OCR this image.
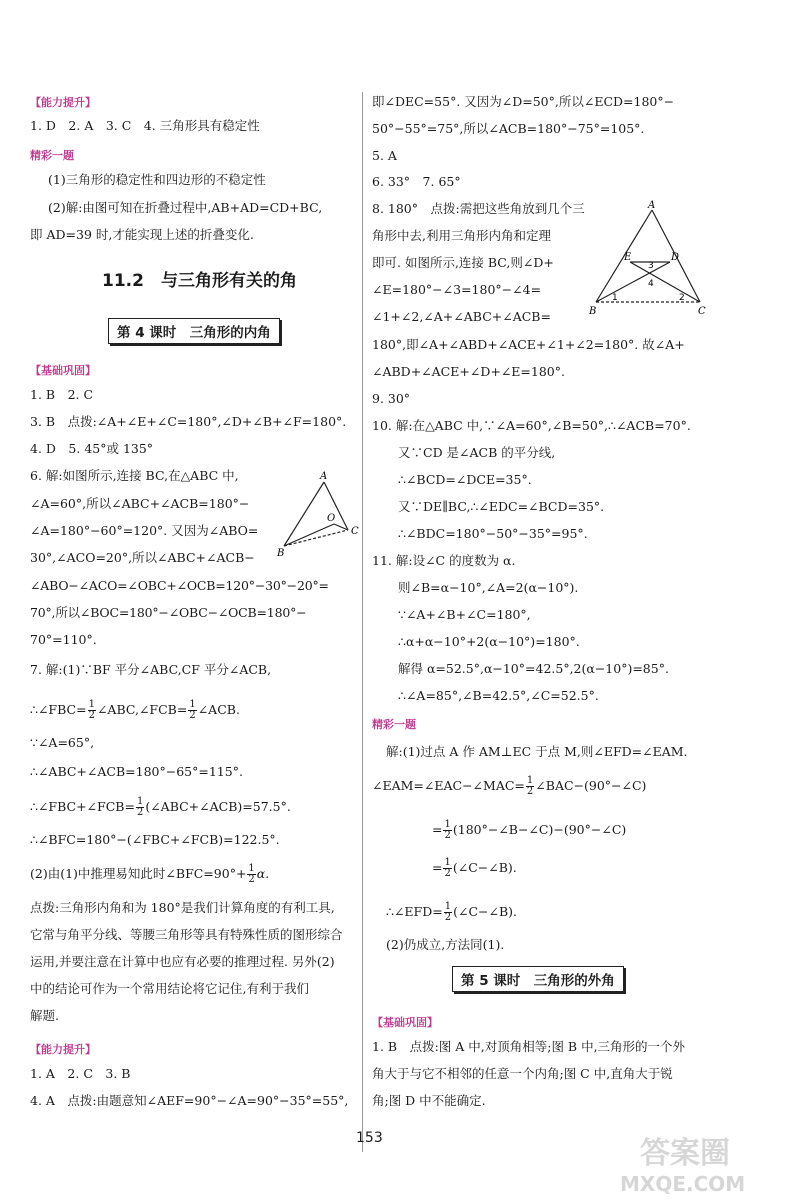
【能力提升】
1. D　2. A　3. C　4. 三角形具有稳定性
精彩一题
(1)三角形的稳定性和四边形的不稳定性
(2)解:由图可知在折叠过程中,AB+AD=CD+BC,
即 AD=39 时,才能实现上述的折叠变化.
11.2　与三角形有关的角
第 4 课时　三角形的内角
【基础巩固】
1. B　2. C
3. B　点拨:∠A+∠E+∠C=180°,∠D+∠B+∠F=180°.
4. D　5. 45°或 135°
6. 解:如图所示,连接 BC,在△ABC 中,
∠A=60°,所以∠ABC+∠ACB=180°−
∠A=180°−60°=120°. 又因为∠ABO=
30°,∠ACO=20°,所以∠ABC+∠ACB−
∠ABO−∠ACO=∠OBC+∠OCB=120°−30°−20°=
70°,所以∠BOC=180°−∠OBC−∠OCB=180°−
70°=110°.
A
O
B
C
7. 解:(1)∵BF 平分∠ABC,CF 平分∠ACB,
∴∠FBC= $\frac{1}{2}$ ∠ABC,∠FCB= $\frac{1}{2}$ ∠ACB.
∵∠A=65°,
∴∠ABC+∠ACB=180°−65°=115°.
∴∠FBC+∠FCB= $\frac{1}{2}$ (∠ABC+∠ACB)=57.5°.
∴∠BFC=180°−(∠FBC+∠FCB)=122.5°.
(2)由(1)中推理易知此时∠BFC=90°+ $\frac{1}{2} \alpha$.
点拨:三角形内角和为 180°是我们计算角度的有利工具,
它常与角平分线、等腰三角形等具有特殊性质的图形综合
运用,并要注意在计算中也应有必要的推理过程. 另外(2)
中的结论可作为一个常用结论将它记住,有利于我们
解题.
【能力提升】
1. A　2. C　3. B
4. A　点拨:由题意知∠AEF=90°−∠A=90°−35°=55°,
即∠DEC=55°. 又因为∠D=50°,所以∠ECD=180°−
50°−55°=75°,所以∠ACB=180°−75°=105°.
5. A
6. 33°　7. 65°
8. 180°　点拨:需把这些角放到几个三
角形中去,利用三角形内角和定理
即可. 如图所示,连接 BC,则∠D+
∠E=180°−∠3=180°−∠4=
∠1+∠2,∠A+∠ABC+∠ACB=
180°,即∠A+∠ABD+∠ACE+∠1+∠2=180°. 故∠A+
∠ABD+∠ACE+∠D+∠E=180°.
A
E	D
B	C
1	2
3
4
9. 30°
10. 解:在△ABC 中,∵∠A=60°,∠B=50°,∴∠ACB=70°.
又∵CD 是∠ACB 的平分线,
∴∠BCD=∠DCE=35°.
又∵DE∥BC,∴∠EDC=∠BCD=35°.
∴∠BDC=180°−50°−35°=95°.
11. 解:设∠C 的度数为 α.
则∠B=α−10°,∠A=2(α−10°).
∵∠A+∠B+∠C=180°,
∴α+α−10°+2(α−10°)=180°.
解得 α=52.5°,α−10°=42.5°,2(α−10°)=85°.
∴∠A=85°,∠B=42.5°,∠C=52.5°.
精彩一题
解:(1)过点 A 作 AM⊥EC 于点 M,则∠EFD=∠EAM.
∠EAM=∠EAC−∠MAC= $\frac{1}{2}$ ∠BAC−(90°−∠C)
= $\frac{1}{2}$ (180°−∠B−∠C)−(90°−∠C)
= $\frac{1}{2}$ (∠C−∠B).
∴∠EFD= $\frac{1}{2}$ (∠C−∠B).
(2)仍成立,方法同(1).
第 5 课时　三角形的外角
【基础巩固】
1. B　点拨:图 A 中,对顶角相等;图 B 中,三角形的一个外
角大于与它不相邻的任意一个内角;图 C 中,直角大于锐
角;图 D 中不能确定.
153	答案圈
MXQE.COM
